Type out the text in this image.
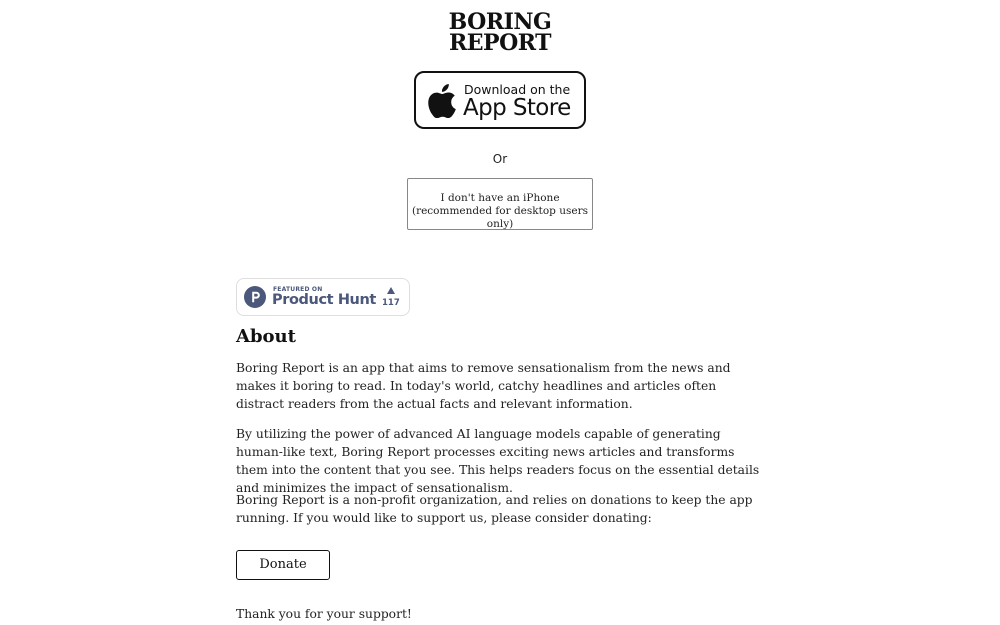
BORING
REPORT
Download on the
App Store
Or
I don't have an iPhone
(recommended for desktop users only)
FEATURED ON
Product Hunt 117
About

Boring Report is an app that aims to remove sensationalism from the news and makes it boring to read. In today's world, catchy headlines and articles often distract readers from the actual facts and relevant information.

By utilizing the power of advanced AI language models capable of generating human-like text, Boring Report processes exciting news articles and transforms them into the content that you see. This helps readers focus on the essential details and minimizes the impact of sensationalism.

Boring Report is a non-profit organization, and relies on donations to keep the app running. If you would like to support us, please consider donating:

Donate

Thank you for your support!
